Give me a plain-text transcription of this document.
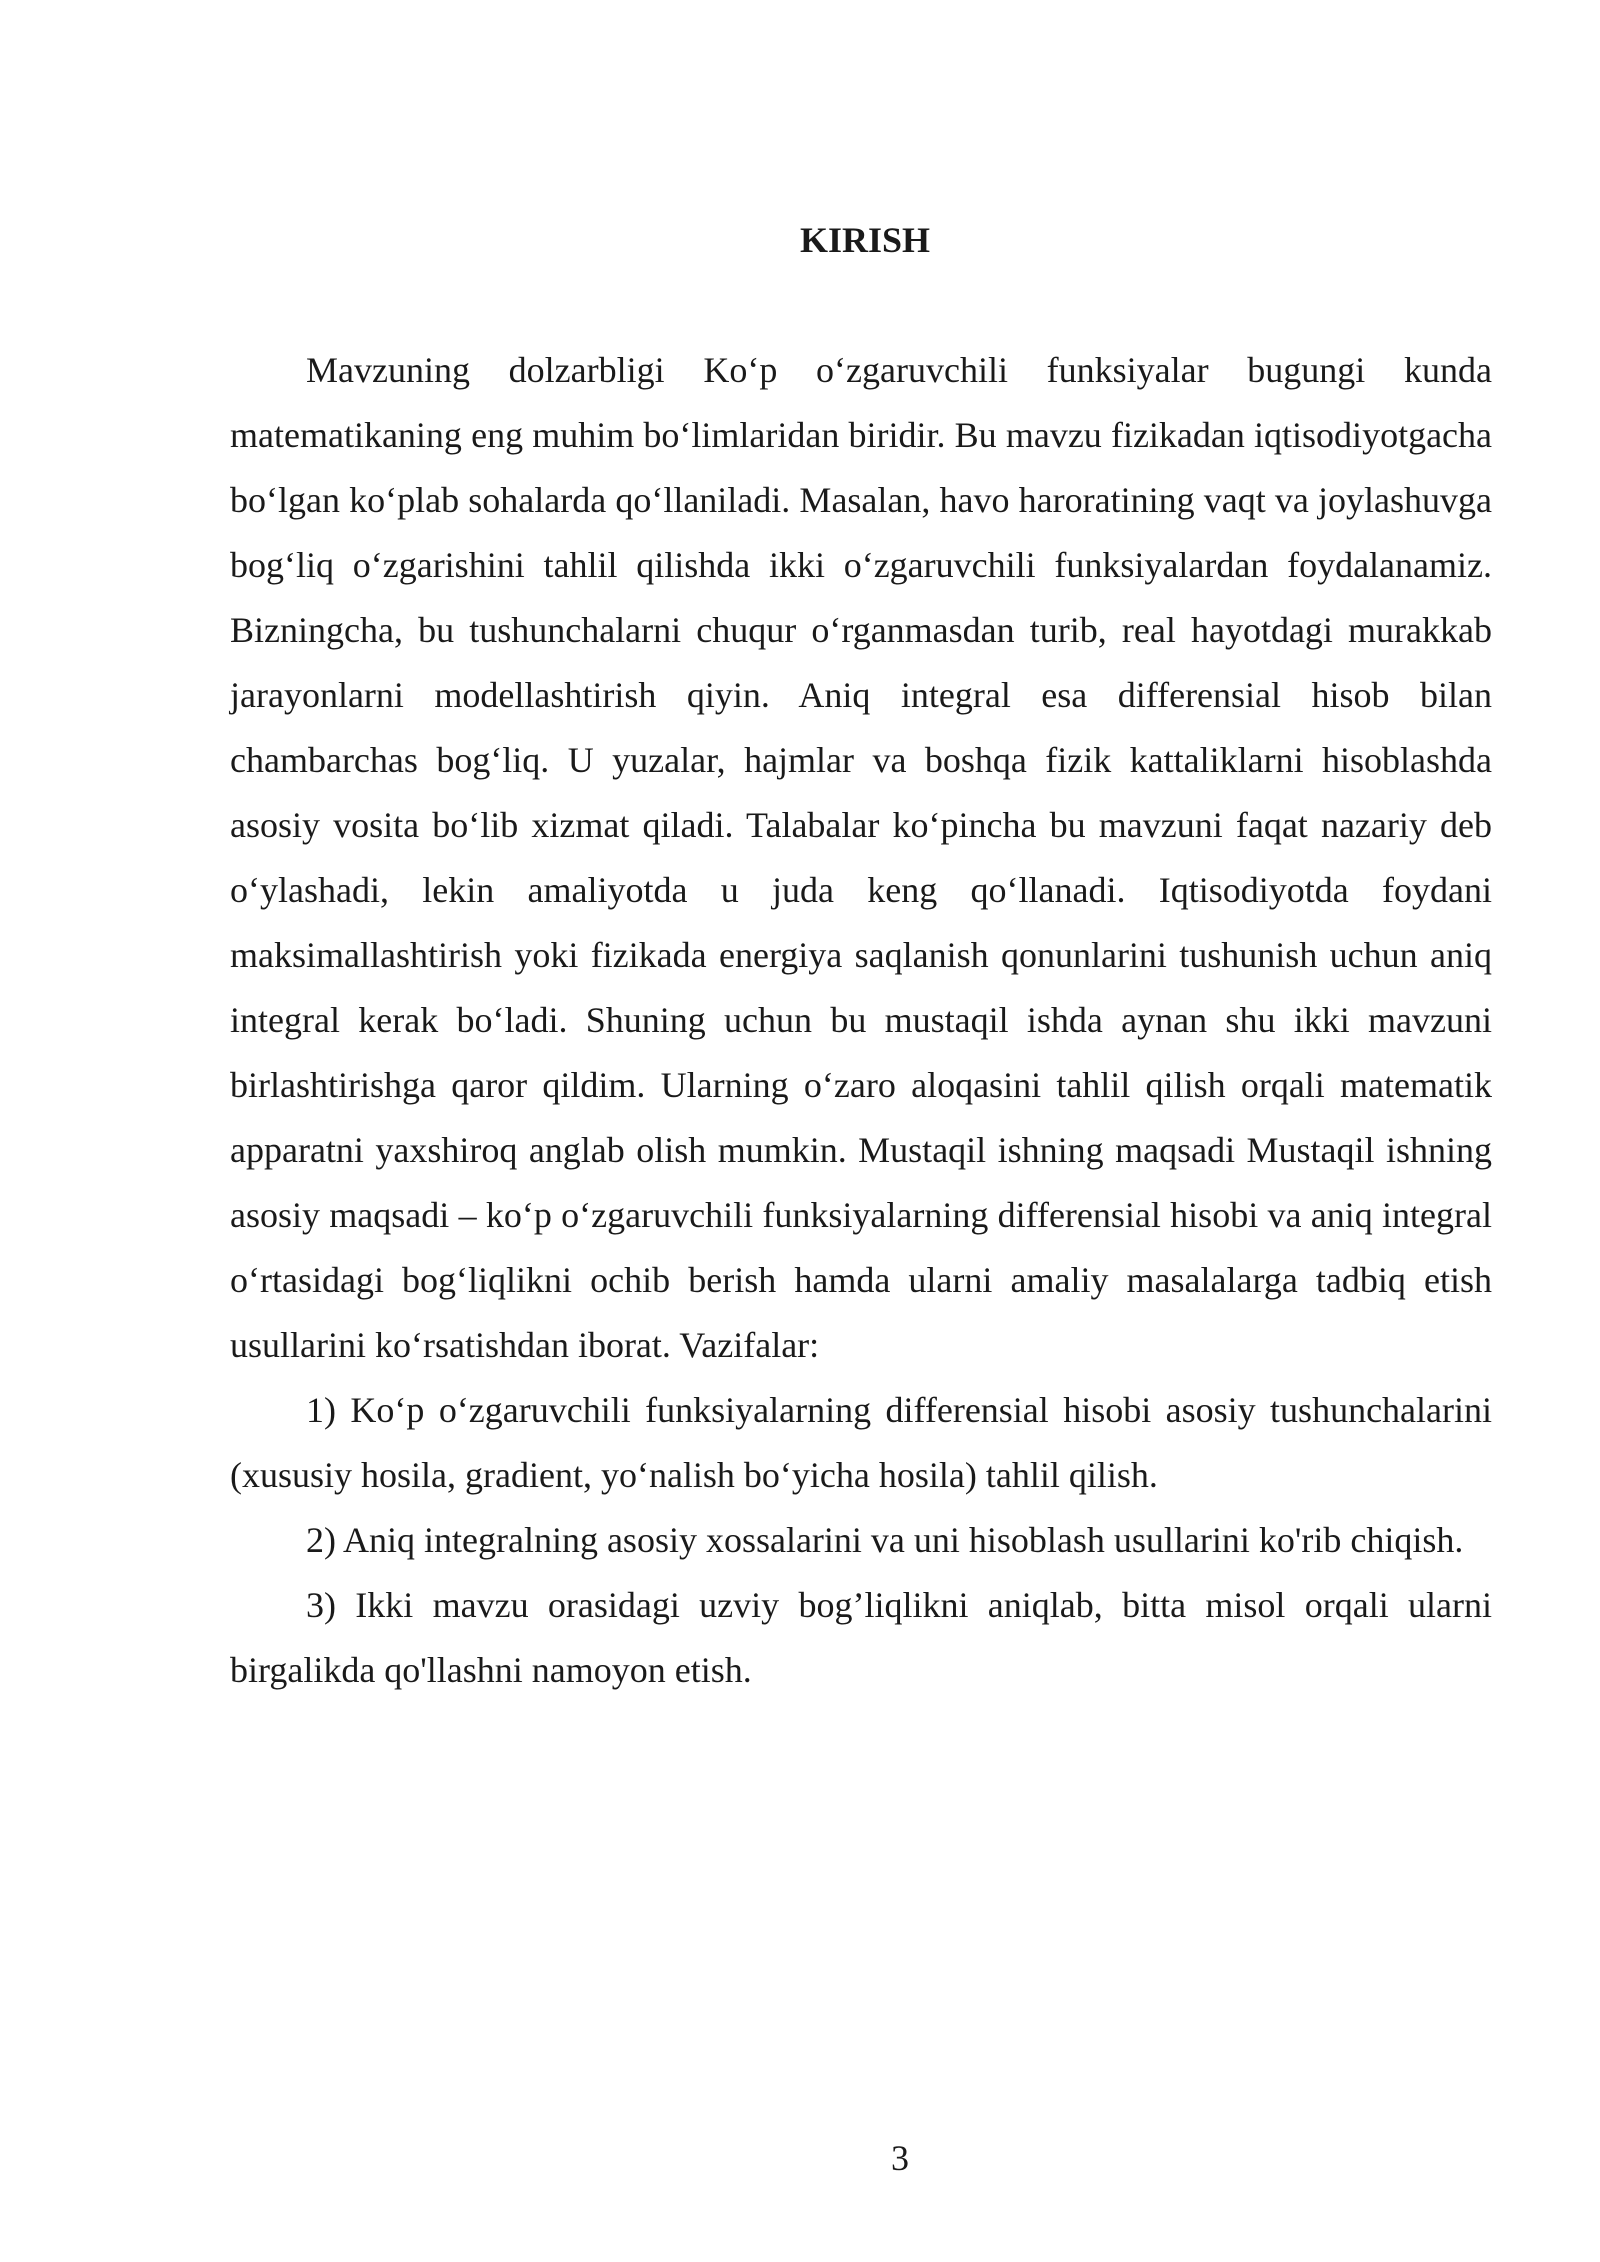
KIRISH

Mavzuning dolzarbligi Ko‘p o‘zgaruvchili funksiyalar bugungi kunda matematikaning eng muhim bo‘limlaridan biridir. Bu mavzu fizikadan iqtisodiyotgacha bo‘lgan ko‘plab sohalarda qo‘llaniladi. Masalan, havo haroratining vaqt va joylashuvga bog‘liq o‘zgarishini tahlil qilishda ikki o‘zgaruvchili funksiyalardan foydalanamiz. Bizningcha, bu tushunchalarni chuqur o‘rganmasdan turib, real hayotdagi murakkab jarayonlarni modellashtirish qiyin. Aniq integral esa differensial hisob bilan chambarchas bog‘liq. U yuzalar, hajmlar va boshqa fizik kattaliklarni hisoblashda asosiy vosita bo‘lib xizmat qiladi. Talabalar ko‘pincha bu mavzuni faqat nazariy deb o‘ylashadi, lekin amaliyotda u juda keng qo‘llanadi. Iqtisodiyotda foydani maksimallashtirish yoki fizikada energiya saqlanish qonunlarini tushunish uchun aniq integral kerak bo‘ladi. Shuning uchun bu mustaqil ishda aynan shu ikki mavzuni birlashtirishga qaror qildim. Ularning o‘zaro aloqasini tahlil qilish orqali matematik apparatni yaxshiroq anglab olish mumkin. Mustaqil ishning maqsadi Mustaqil ishning asosiy maqsadi – ko‘p o‘zgaruvchili funksiyalarning differensial hisobi va aniq integral o‘rtasidagi bog‘liqlikni ochib berish hamda ularni amaliy masalalarga tadbiq etish usullarini ko‘rsatishdan iborat. Vazifalar:

1) Ko‘p o‘zgaruvchili funksiyalarning differensial hisobi asosiy tushunchalarini (xususiy hosila, gradient, yo‘nalish bo‘yicha hosila) tahlil qilish.

2) Aniq integralning asosiy xossalarini va uni hisoblash usullarini ko'rib chiqish.

3) Ikki mavzu orasidagi uzviy bog’liqlikni aniqlab, bitta misol orqali ularni birgalikda qo'llashni namoyon etish.

3
